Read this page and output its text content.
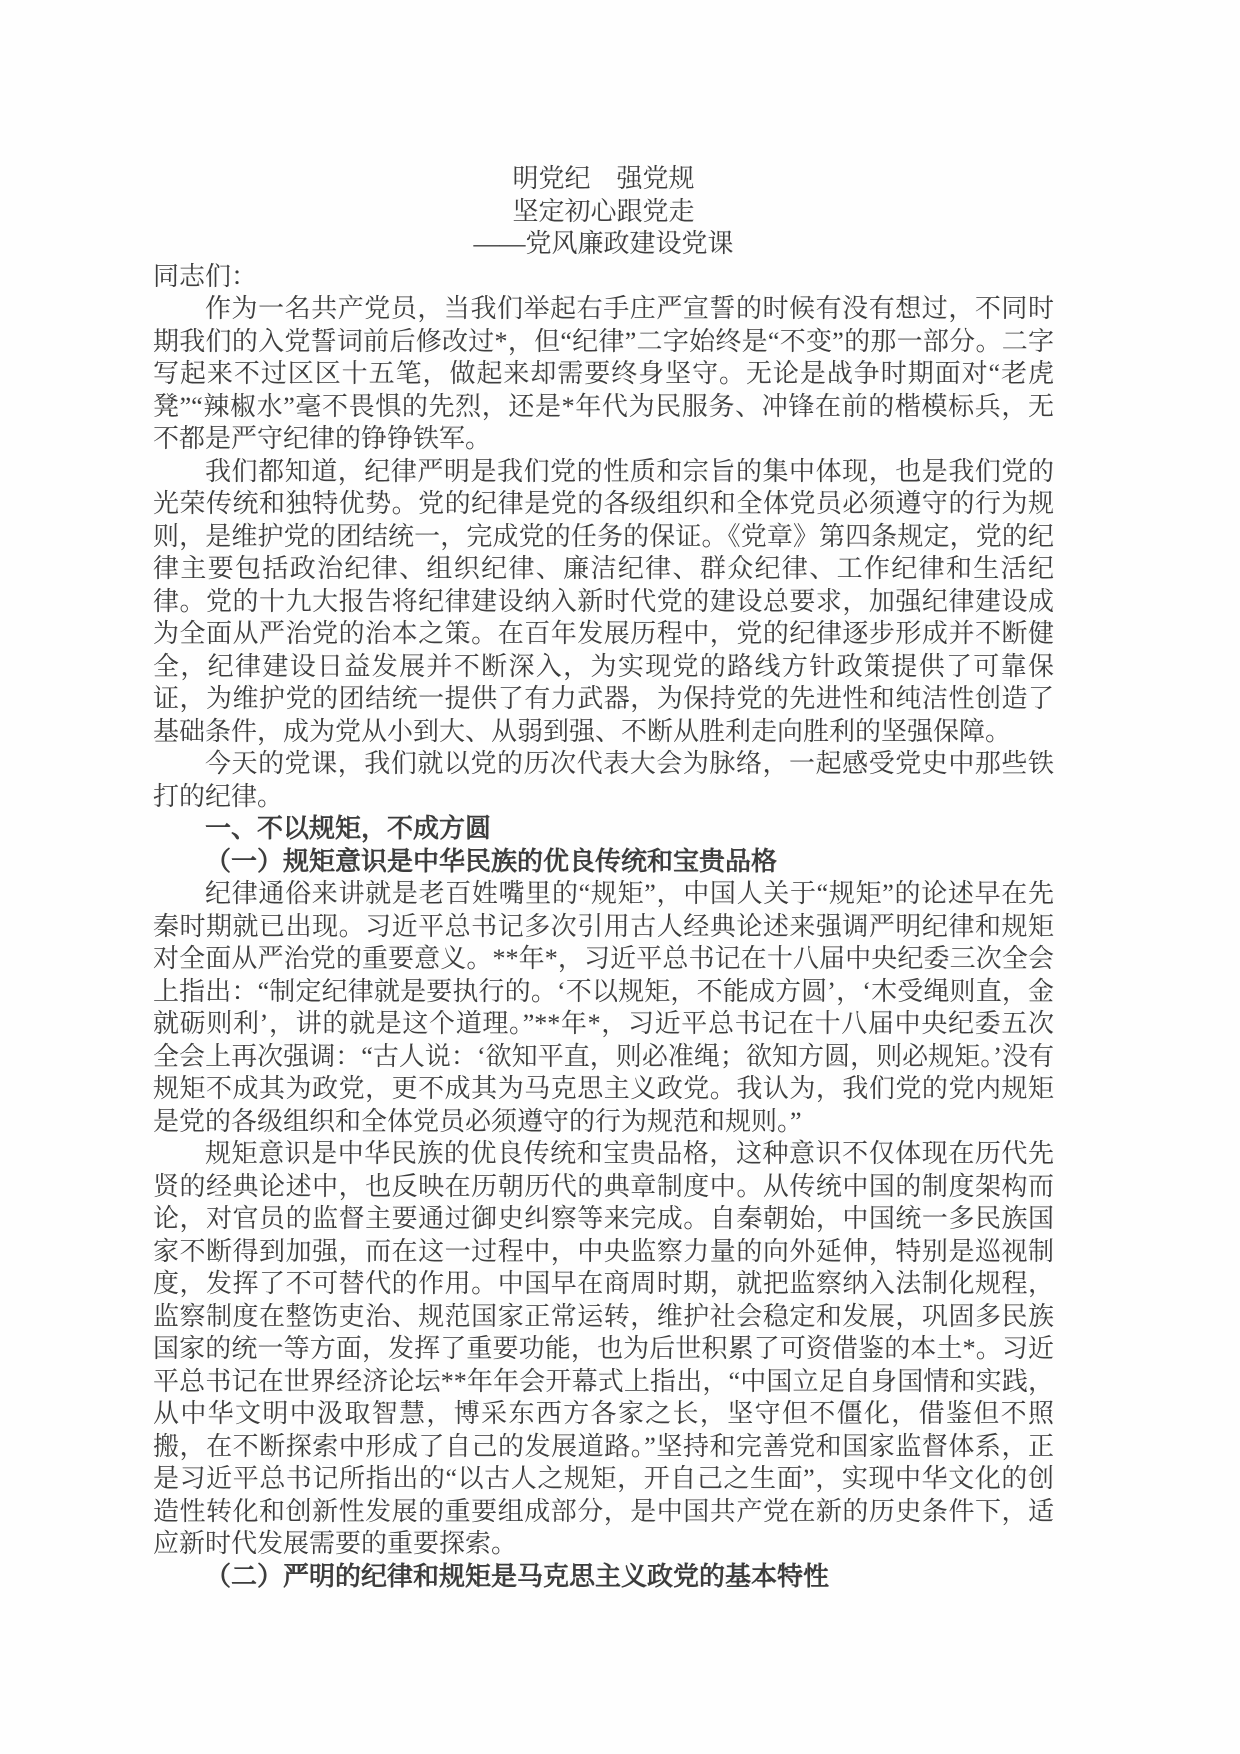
明党纪　强党规

坚定初心跟党走

——党风廉政建设党课

同志们：

作为一名共产党员，当我们举起右手庄严宣誓的时候有没有想过，不同时期我们的入党誓词前后修改过*，但“纪律”二字始终是“不变”的那一部分。二字写起来不过区区十五笔，做起来却需要终身坚守。无论是战争时期面对“老虎凳”“辣椒水”毫不畏惧的先烈，还是*年代为民服务、冲锋在前的楷模标兵，无不都是严守纪律的铮铮铁军。

我们都知道，纪律严明是我们党的性质和宗旨的集中体现，也是我们党的光荣传统和独特优势。党的纪律是党的各级组织和全体党员必须遵守的行为规则，是维护党的团结统一，完成党的任务的保证。《党章》第四条规定，党的纪律主要包括政治纪律、组织纪律、廉洁纪律、群众纪律、工作纪律和生活纪律。党的十九大报告将纪律建设纳入新时代党的建设总要求，加强纪律建设成为全面从严治党的治本之策。在百年发展历程中，党的纪律逐步形成并不断健全，纪律建设日益发展并不断深入，为实现党的路线方针政策提供了可靠保证，为维护党的团结统一提供了有力武器，为保持党的先进性和纯洁性创造了基础条件，成为党从小到大、从弱到强、不断从胜利走向胜利的坚强保障。

今天的党课，我们就以党的历次代表大会为脉络，一起感受党史中那些铁打的纪律。

一、不以规矩，不成方圆

（一）规矩意识是中华民族的优良传统和宝贵品格

纪律通俗来讲就是老百姓嘴里的“规矩”，中国人关于“规矩”的论述早在先秦时期就已出现。习近平总书记多次引用古人经典论述来强调严明纪律和规矩对全面从严治党的重要意义。**年*，习近平总书记在十八届中央纪委三次全会上指出：“制定纪律就是要执行的。‘不以规矩，不能成方圆’，‘木受绳则直，金就砺则利’，讲的就是这个道理。”**年*，习近平总书记在十八届中央纪委五次全会上再次强调：“古人说：‘欲知平直，则必准绳；欲知方圆，则必规矩。’没有规矩不成其为政党，更不成其为马克思主义政党。我认为，我们党的党内规矩是党的各级组织和全体党员必须遵守的行为规范和规则。”

规矩意识是中华民族的优良传统和宝贵品格，这种意识不仅体现在历代先贤的经典论述中，也反映在历朝历代的典章制度中。从传统中国的制度架构而论，对官员的监督主要通过御史纠察等来完成。自秦朝始，中国统一多民族国家不断得到加强，而在这一过程中，中央监察力量的向外延伸，特别是巡视制度，发挥了不可替代的作用。中国早在商周时期，就把监察纳入法制化规程，监察制度在整饬吏治、规范国家正常运转，维护社会稳定和发展，巩固多民族国家的统一等方面，发挥了重要功能，也为后世积累了可资借鉴的本土*。习近平总书记在世界经济论坛**年年会开幕式上指出，“中国立足自身国情和实践，从中华文明中汲取智慧，博采东西方各家之长，坚守但不僵化，借鉴但不照搬，在不断探索中形成了自己的发展道路。”坚持和完善党和国家监督体系，正是习近平总书记所指出的“以古人之规矩，开自己之生面”，实现中华文化的创造性转化和创新性发展的重要组成部分，是中国共产党在新的历史条件下，适应新时代发展需要的重要探索。

（二）严明的纪律和规矩是马克思主义政党的基本特性
